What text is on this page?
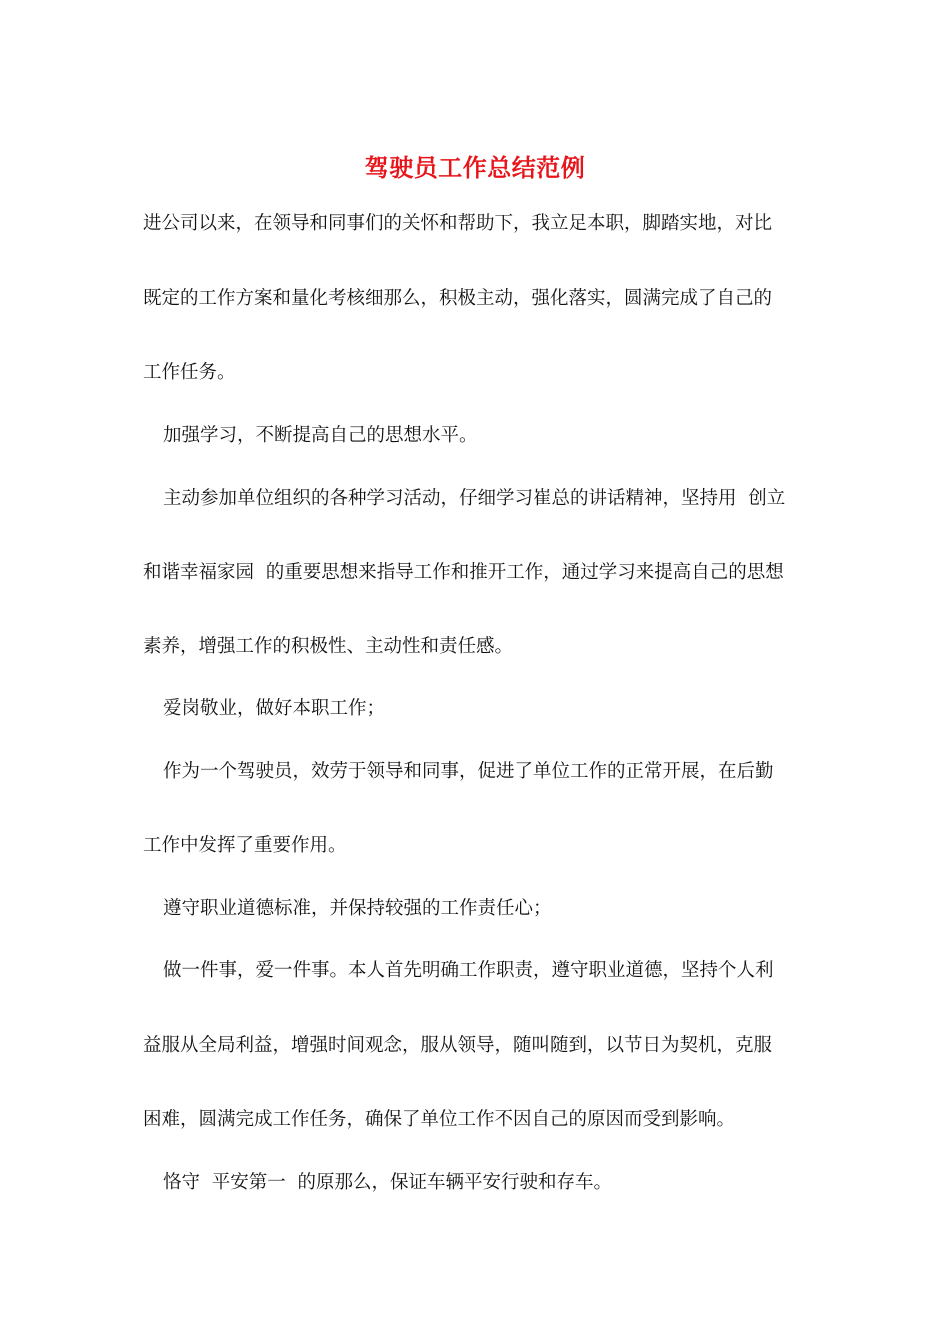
驾驶员工作总结范例
进公司以来，在领导和同事们的关怀和帮助下，我立足本职，脚踏实地，对比
既定的工作方案和量化考核细那么，积极主动，强化落实，圆满完成了自己的
工作任务。
加强学习，不断提高自己的思想水平。
主动参加单位组织的各种学习活动，仔细学习崔总的讲话精神，坚持用  创立
和谐幸福家园  的重要思想来指导工作和推开工作，通过学习来提高自己的思想
素养，增强工作的积极性、主动性和责任感。
爱岗敬业，做好本职工作；
作为一个驾驶员，效劳于领导和同事，促进了单位工作的正常开展，在后勤
工作中发挥了重要作用。
遵守职业道德标准，并保持较强的工作责任心；
做一件事，爱一件事。本人首先明确工作职责，遵守职业道德，坚持个人利
益服从全局利益，增强时间观念，服从领导，随叫随到，以节日为契机，克服
困难，圆满完成工作任务，确保了单位工作不因自己的原因而受到影响。
恪守  平安第一  的原那么，保证车辆平安行驶和存车。
